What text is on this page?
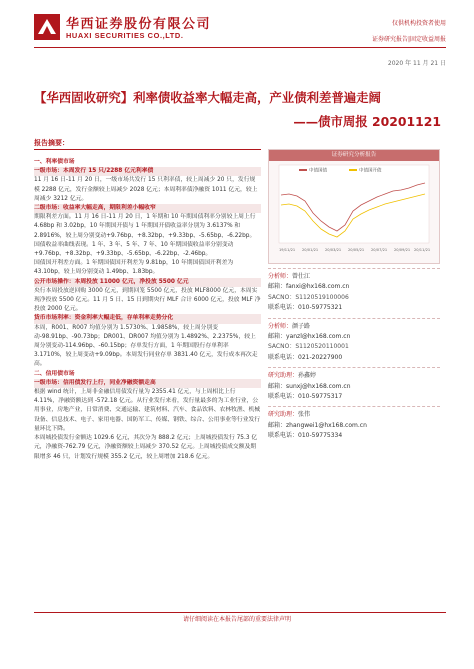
华西证券股份有限公司
HUAXI SECURITIES CO.,LTD.
仅供机构投资者使用
证券研究报告|固定收益周报
2020 年 11 月 21 日
【华西固收研究】利率债收益率大幅走高，产业债利差普遍走阔
——债市周报 20201121
报告摘要：
一、利率债市场
一级市场：本周发行 15 只/2288 亿元利率债
11 月 16 日-11 月 20 日，一级市场共发行 15 只利率债，较上周减少 20 只，发行规模 2288 亿元，发行金额较上周减少 2028 亿元；本周利率债净融资 1011 亿元，较上周减少 3212 亿元。
二级市场：收益率大幅走高，期限利差小幅收窄
期限利差方面。11 月 16 日-11 月 20 日，1 年期和 10 年期国债利率分别较上周上行 4.68bp 和 3.02bp，10 年期国开债与 1 年期国开债收益率分别为 3.6137% 和 2.8916%，较上周分别变动+9.76bp、+8.32bp、+9.33bp、-5.65bp、-6.22bp。
国债收益率曲线表现。1 年、3 年、5 年、7 年、10 年期国债收益率分别变动+9.76bp、+8.32bp、+9.33bp、-5.65bp、-6.22bp、-2.46bp。
国债国开利差方面。1 年期国债国开利差为 9.81bp，10 年期国债国开利差为 43.10bp，较上周分别变动 1.49bp、1.83bp。
公开市场操作：本周投放 11000 亿元，净投放 5500 亿元
央行本周投放逆回购 3000 亿元，到期回笼 5500 亿元，投放 MLF8000 亿元，本周实现净投放 5500 亿元。11 月 5 日、15 日到期央行 MLF 合计 6000 亿元，投放 MLF 净投放 2000 亿元。
货币市场利率：资金利率大幅走低，存单利率走势分化
本周，R001、R007 均值分别为 1.5730%、1.9858%，较上周分别变动-98.91bp、-90.73bp；DR001、DR007 均值分别为 1.4892%、2.2375%，较上周分别变动-114.96bp、-60.15bp；存单发行方面，1 年期国股行存单利率 3.1710%，较上周变动+9.09bp。本周发行同业存单 3831.40 亿元，发行成本再次走高。
二、信用债市场
一级市场：信用债发行上行，同业净融资额走高
根据 wind 统计，上周非金融信用债发行量为 2355.41 亿元，与上周相比上行 4.11%，净融资额达到 -572.18 亿元。从行业发行来看，发行量最多的为工业行业，公用事业，房地产业，日常消费、交通运输、建筑材料、汽车、食品饮料、农林牧渔、机械设备、信息技术、电子、家用电器、国防军工、传媒、钢铁、综合、公用事业等行业发行量环比下降。
本周城投债发行金额达 1029.6 亿元，其次分为 888.2 亿元；上周城投债发行 75.3 亿元，净融资-762.79 亿元，净融资额较上周减少 370.52 亿元。上周城投债成交额及期限增多 46 只，计划发行规模 355.2 亿元，较上周增加 218.6 亿元。
证券研究分析报告
中债国债	中债国开债
19/11/21 20/01/21 20/03/21 20/05/21 20/07/21 20/09/21 20/11/21
分析师：曾仕江
邮箱：fanxi@hx168.com.cn
SACNO：S1120519100006
联系电话：010-59775321
分析师：颜子路
邮箱：yanzl@hx168.com.cn
SACNO：S1120520110001
联系电话：021-20227900
研究助理：孙鑫婷
邮箱：sunxj@hx168.com.cn
联系电话：010-59775317
研究助理：张伟
邮箱：zhangwei1@hx168.com.cn
联系电话：010-59775334
请仔细阅读在本报告尾部的重要法律声明
